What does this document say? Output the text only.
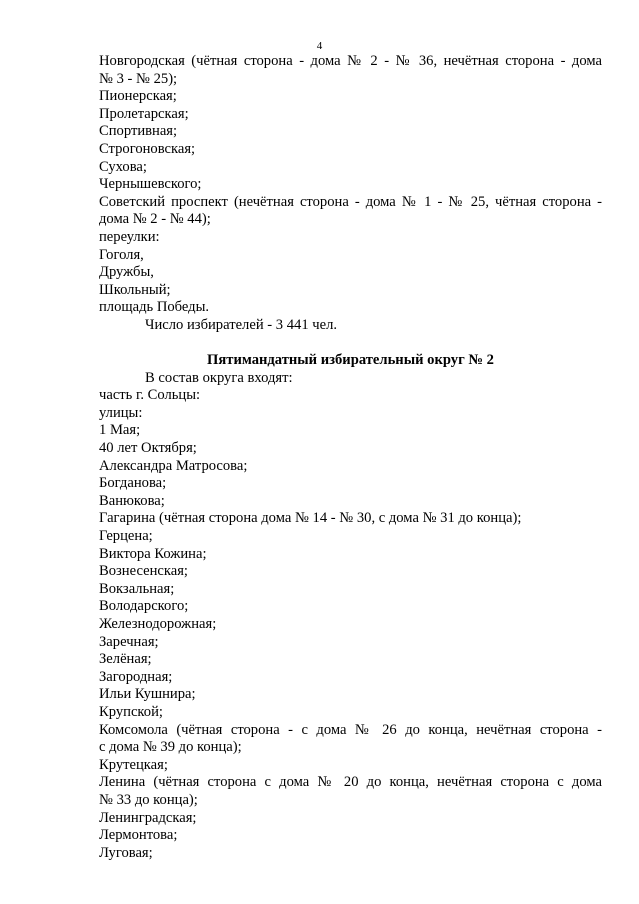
4
Новгородская (чётная сторона - дома № 2 - № 36, нечётная сторона - дома
№ 3 - № 25);
Пионерская;
Пролетарская;
Спортивная;
Строгоновская;
Сухова;
Чернышевского;
Советский проспект (нечётная сторона - дома № 1 - № 25, чётная сторона -
дома № 2 - № 44);
переулки:
Гоголя,
Дружбы,
Школьный;
площадь Победы.
Число избирателей - 3 441 чел.
Пятимандатный избирательный округ № 2
В состав округа входят:
часть г. Сольцы:
улицы:
1 Мая;
40 лет Октября;
Александра Матросова;
Богданова;
Ванюкова;
Гагарина (чётная сторона дома № 14 - № 30, с дома № 31 до конца);
Герцена;
Виктора Кожина;
Вознесенская;
Вокзальная;
Володарского;
Железнодорожная;
Заречная;
Зелёная;
Загородная;
Ильи Кушнира;
Крупской;
Комсомола (чётная сторона - с дома № 26 до конца, нечётная сторона -
с дома № 39 до конца);
Крутецкая;
Ленина (чётная сторона с дома № 20 до конца, нечётная сторона с дома
№ 33 до конца);
Ленинградская;
Лермонтова;
Луговая;
